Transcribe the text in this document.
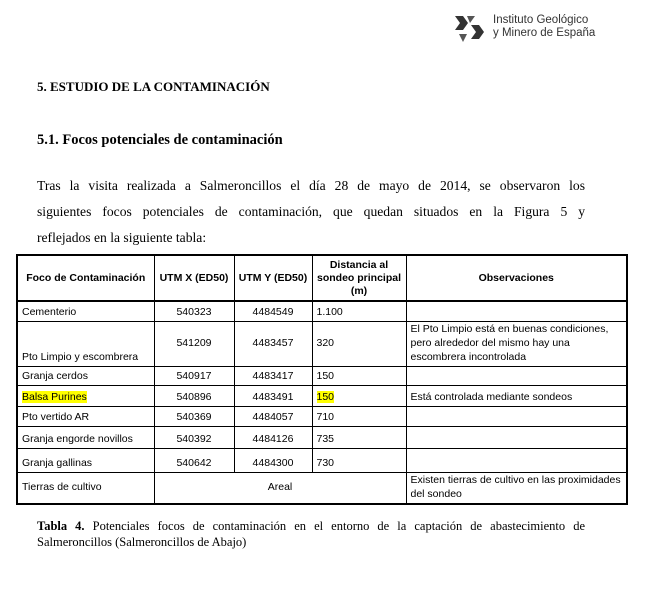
Instituto Geológico
y Minero de España
5. ESTUDIO DE LA CONTAMINACIÓN
5.1. Focos potenciales de contaminación
Tras la visita realizada a Salmeroncillos el día 28 de mayo de 2014, se observaron los
siguientes focos potenciales de contaminación, que quedan situados en la Figura 5 y
reflejados en la siguiente tabla:
Foco de Contaminación	UTM X (ED50)	UTM Y (ED50)	Distancia al sondeo principal (m)	Observaciones
Cementerio	540323	4484549	1.100	
Pto Limpio y escombrera	541209	4483457	320	El Pto Limpio está en buenas condiciones, pero alrededor del mismo hay una escombrera incontrolada
Granja cerdos	540917	4483417	150	
Balsa Purines	540896	4483491	150	Está controlada mediante sondeos
Pto vertido AR	540369	4484057	710	
Granja engorde novillos	540392	4484126	735	
Granja gallinas	540642	4484300	730	
Tierras de cultivo	Areal			Existen tierras de cultivo en las proximidades del sondeo
Tabla 4. Potenciales focos de contaminación en el entorno de la captación de abastecimiento de Salmeroncillos (Salmeroncillos de Abajo)
